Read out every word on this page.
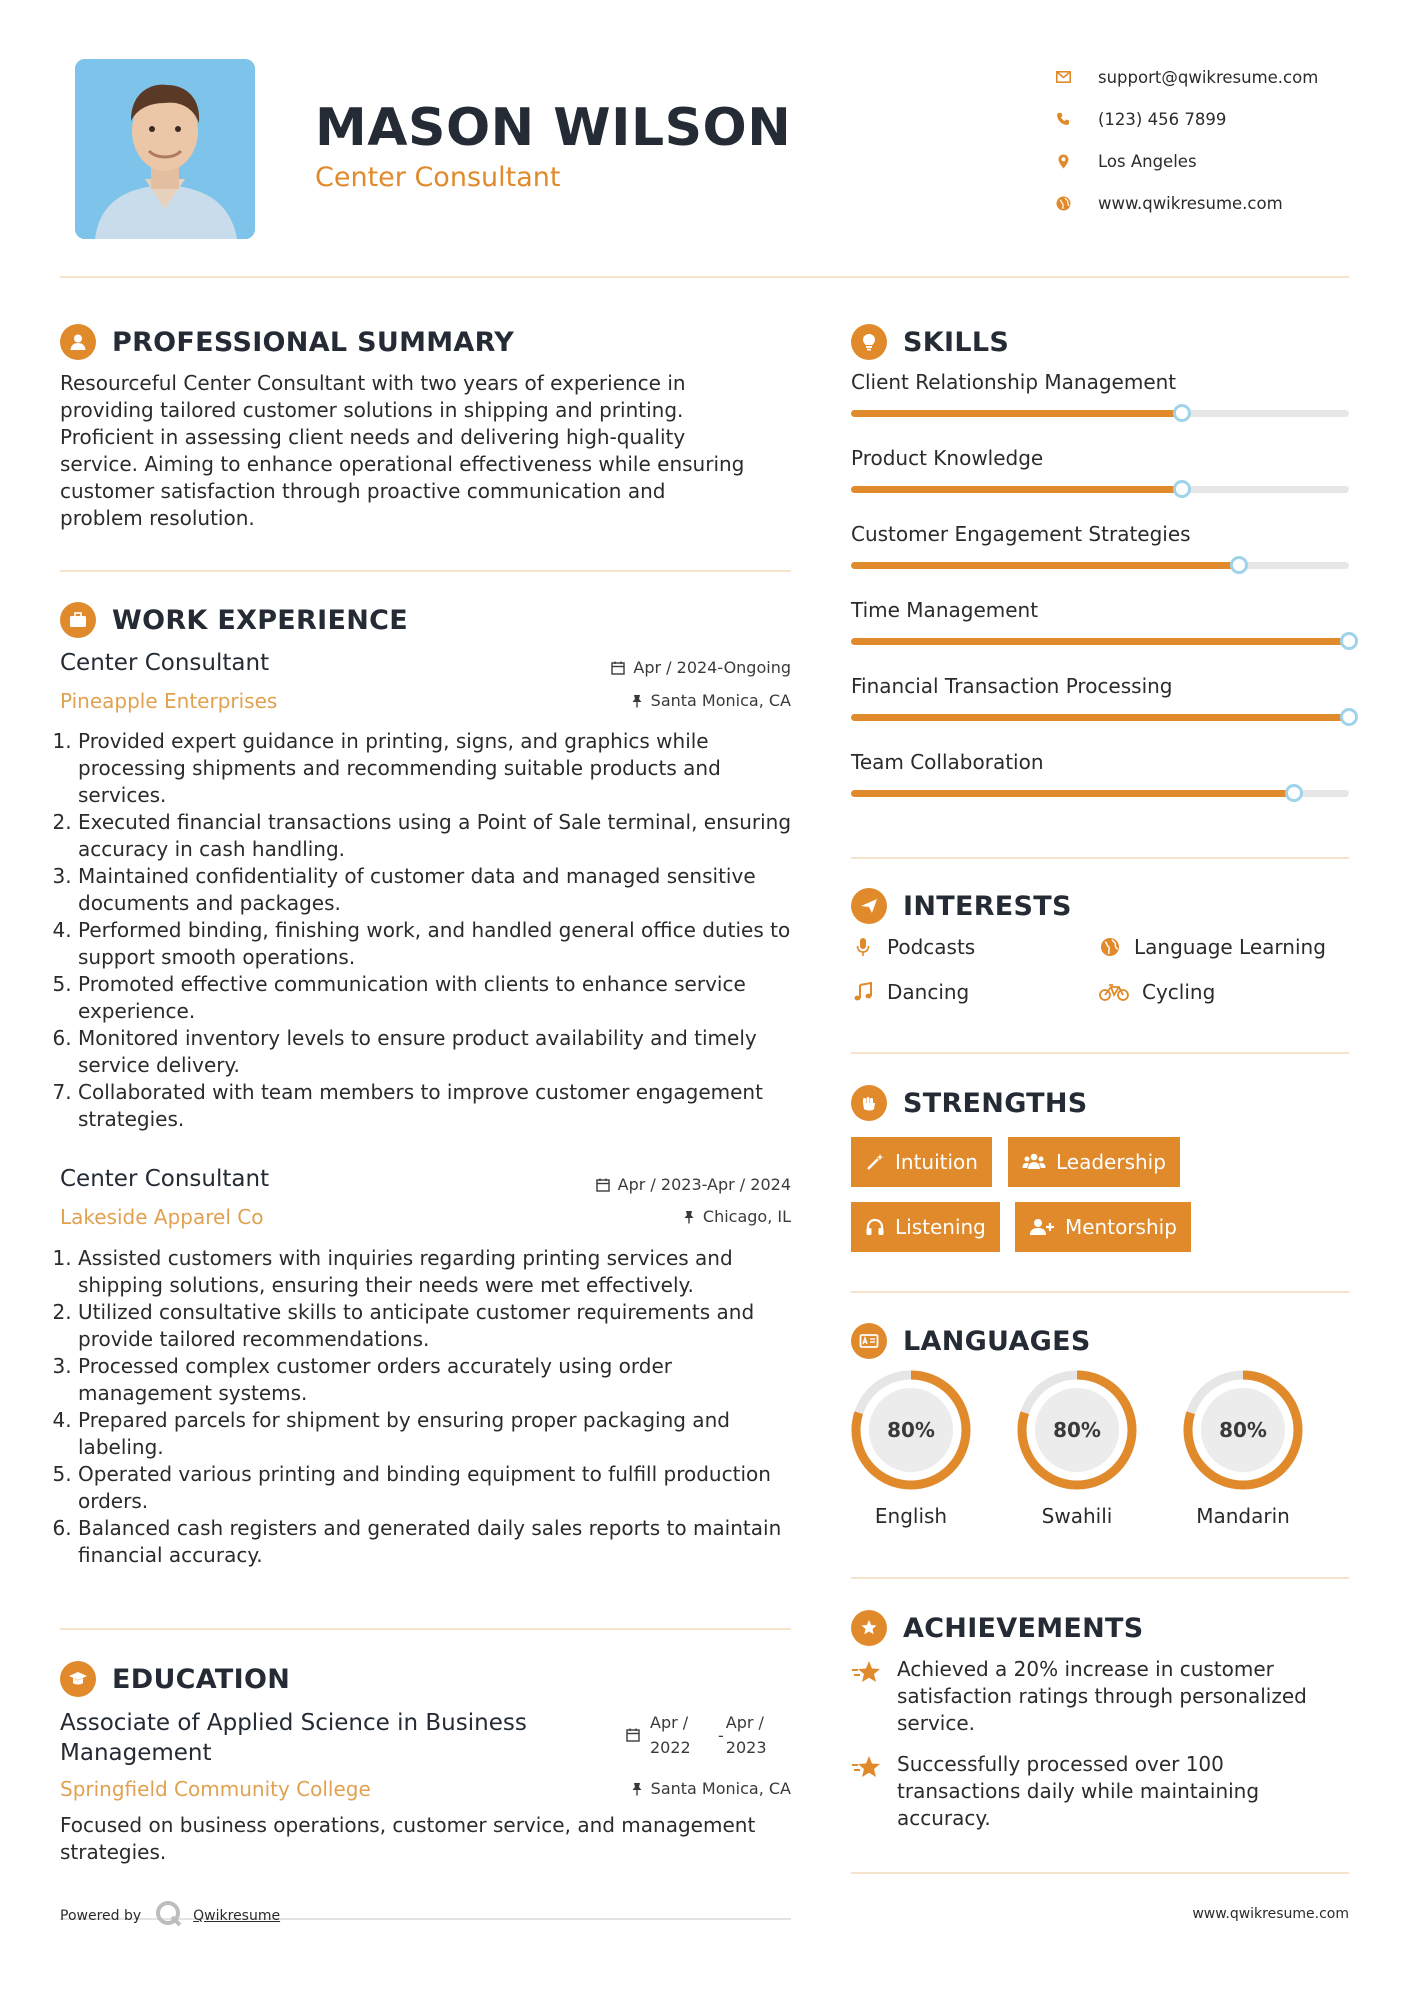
MASON WILSON
Center Consultant
support@qwikresume.com
(123) 456 7899
Los Angeles
www.qwikresume.com
PROFESSIONAL SUMMARY
Resourceful Center Consultant with two years of experience in
providing tailored customer solutions in shipping and printing.
Proficient in assessing client needs and delivering high-quality
service. Aiming to enhance operational effectiveness while ensuring
customer satisfaction through proactive communication and
problem resolution.
WORK EXPERIENCE
Center Consultant
Pineapple Enterprises
Apr / 2024-Ongoing
Santa Monica, CA
1. Provided expert guidance in printing, signs, and graphics while processing shipments and recommending suitable products and services.
2. Executed financial transactions using a Point of Sale terminal, ensuring accuracy in cash handling.
3. Maintained confidentiality of customer data and managed sensitive documents and packages.
4. Performed binding, finishing work, and handled general office duties to support smooth operations.
5. Promoted effective communication with clients to enhance service experience.
6. Monitored inventory levels to ensure product availability and timely service delivery.
7. Collaborated with team members to improve customer engagement strategies.
Center Consultant
Lakeside Apparel Co
Apr / 2023-Apr / 2024
Chicago, IL
1. Assisted customers with inquiries regarding printing services and shipping solutions, ensuring their needs were met effectively.
2. Utilized consultative skills to anticipate customer requirements and provide tailored recommendations.
3. Processed complex customer orders accurately using order management systems.
4. Prepared parcels for shipment by ensuring proper packaging and labeling.
5. Operated various printing and binding equipment to fulfill production orders.
6. Balanced cash registers and generated daily sales reports to maintain financial accuracy.
EDUCATION
Associate of Applied Science in Business
Management
Springfield Community College
Apr /
2022
-
Apr /
2023
Santa Monica, CA
Focused on business operations, customer service, and management
strategies.
SKILLS
Client Relationship Management
Product Knowledge
Customer Engagement Strategies
Time Management
Financial Transaction Processing
Team Collaboration
INTERESTS
Podcasts	Language Learning
Dancing	Cycling
STRENGTHS
Intuition	Leadership
Listening	Mentorship
LANGUAGES
80%
English
80%
Swahili
80%
Mandarin
ACHIEVEMENTS
Achieved a 20% increase in customer
satisfaction ratings through personalized
service.
Successfully processed over 100
transactions daily while maintaining
accuracy.
Powered by	Qwikresume	www.qwikresume.com
